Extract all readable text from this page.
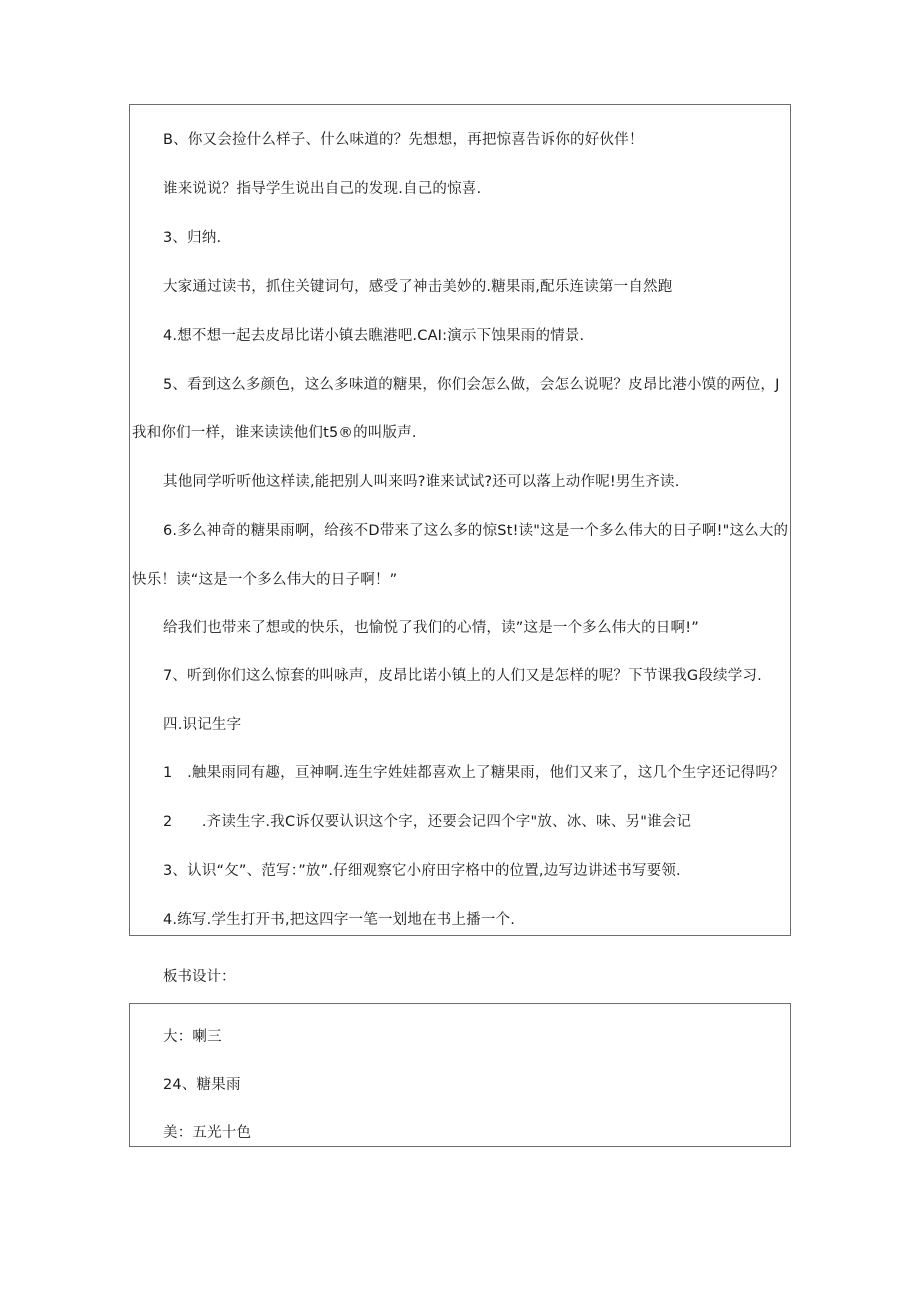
B、你又会捡什么样子、什么味道的？先想想，再把惊喜告诉你的好伙伴！
谁来说说？指导学生说出自己的发现.自己的惊喜.
3、归纳.
大家通过读书，抓住关键词句，感受了神击美妙的.糖果雨,配乐连读第一自然跑
4.想不想一起去皮昂比诺小镇去瞧港吧.CAI:演示下蚀果雨的情景.
5、看到这么多颜色，这么多味道的糖果，你们会怎么做，会怎么说呢？皮昂比港小馍的两位，J
我和你们一样，谁来读读他们t5®的叫版声.
其他同学听听他这样读,能把别人叫来吗?谁来试试?还可以落上动作呢!男生齐读.
6.多么神奇的糖果雨啊，给孩不D带来了这么多的惊St!读"这是一个多么伟大的日子啊!"这么大的
快乐！读“这是一个多么伟大的日子啊！”
给我们也带来了想或的快乐，也愉悦了我们的心情，读”这是一个多么伟大的日啊!”
7、听到你们这么惊套的叫咏声，皮昂比诺小镇上的人们又是怎样的呢？下节课我G段续学习.
四.识记生字
1　.触果雨同有趣，亘神啊.连生字姓娃都喜欢上了糖果雨，他们又来了，这几个生字还记得吗？
2　　.齐读生字.我C诉仅要认识这个字，还要会记四个字"放、冰、味、另"谁会记
3、认识“攵”、范写：”放”.仔细观察它小府田字格中的位置,边写边讲述书写要领.
4.练写.学生打开书,把这四字一笔一划地在书上播一个.
板书设计：
大：喇三
24、糖果雨
美：五光十色
